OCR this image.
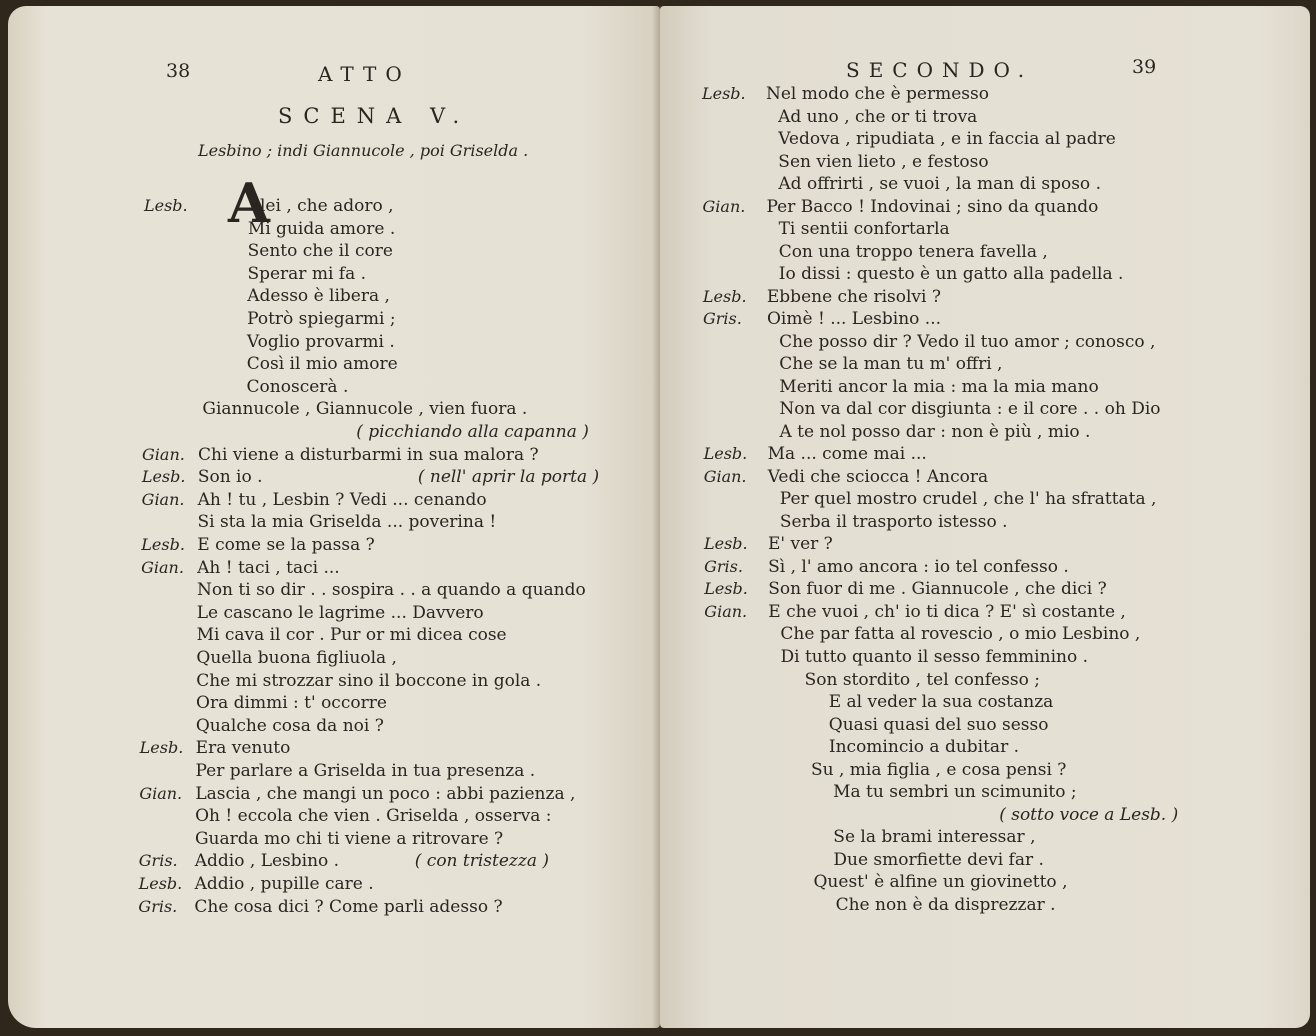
38	ATTO
SCENA V.
Lesbino ; indi Giannucole , poi Griselda .
A
Lesb.	lei , che adoro ,
Mi guida amore .
Sento che il core
Sperar mi fa .
Adesso è libera ,
Potrò spiegarmi ;
Voglio provarmi .
Così il mio amore
Conoscerà .
Giannucole , Giannucole , vien fuora .
( picchiando alla capanna )
Gian. Chi viene a disturbarmi in sua malora ?
Lesb. Son io .	( nell' aprir la porta )
Gian. Ah ! tu , Lesbin ? Vedi ... cenando
Si sta la mia Griselda ... poverina !
Lesb. E come se la passa ?
Gian. Ah ! taci , taci ...
Non ti so dir . . sospira . . a quando a quando
Le cascano le lagrime ... Davvero
Mi cava il cor . Pur or mi dicea cose
Quella buona figliuola ,
Che mi strozzar sino il boccone in gola .
Ora dimmi : t' occorre
Qualche cosa da noi ?
Lesb. Era venuto
Per parlare a Griselda in tua presenza .
Gian. Lascia , che mangi un poco : abbi pazienza ,
Oh ! eccola che vien . Griselda , osserva :
Guarda mo chi ti viene a ritrovare ?
Gris. Addio , Lesbino .	( con tristezza )
Lesb. Addio , pupille care .
Gris. Che cosa dici ? Come parli adesso ?
SECONDO.	39
Lesb. Nel modo che è permesso
Ad uno , che or ti trova
Vedova , ripudiata , e in faccia al padre
Sen vien lieto , e festoso
Ad offrirti , se vuoi , la man di sposo .
Gian. Per Bacco ! Indovinai ; sino da quando
Ti sentii confortarla
Con una troppo tenera favella ,
Io dissi : questo è un gatto alla padella .
Lesb. Ebbene che risolvi ?
Gris. Oimè ! ... Lesbino ...
Che posso dir ? Vedo il tuo amor ; conosco ,
Che se la man tu m' offri ,
Meriti ancor la mia : ma la mia mano
Non va dal cor disgiunta : e il core . . oh Dio
A te nol posso dar : non è più , mio .
Lesb. Ma ... come mai ...
Gian. Vedi che sciocca ! Ancora
Per quel mostro crudel , che l' ha sfrattata ,
Serba il trasporto istesso .
Lesb. E' ver ?
Gris. Sì , l' amo ancora : io tel confesso .
Lesb. Son fuor di me . Giannucole , che dici ?
Gian. E che vuoi , ch' io ti dica ? E' sì costante ,
Che par fatta al rovescio , o mio Lesbino ,
Di tutto quanto il sesso femminino .
Son stordito , tel confesso ;
E al veder la sua costanza
Quasi quasi del suo sesso
Incomincio a dubitar .
Su , mia figlia , e cosa pensi ?
Ma tu sembri un scimunito ;
( sotto voce a Lesb. )
Se la brami interessar ,
Due smorfiette devi far .
Quest' è alfine un giovinetto ,
Che non è da disprezzar .
